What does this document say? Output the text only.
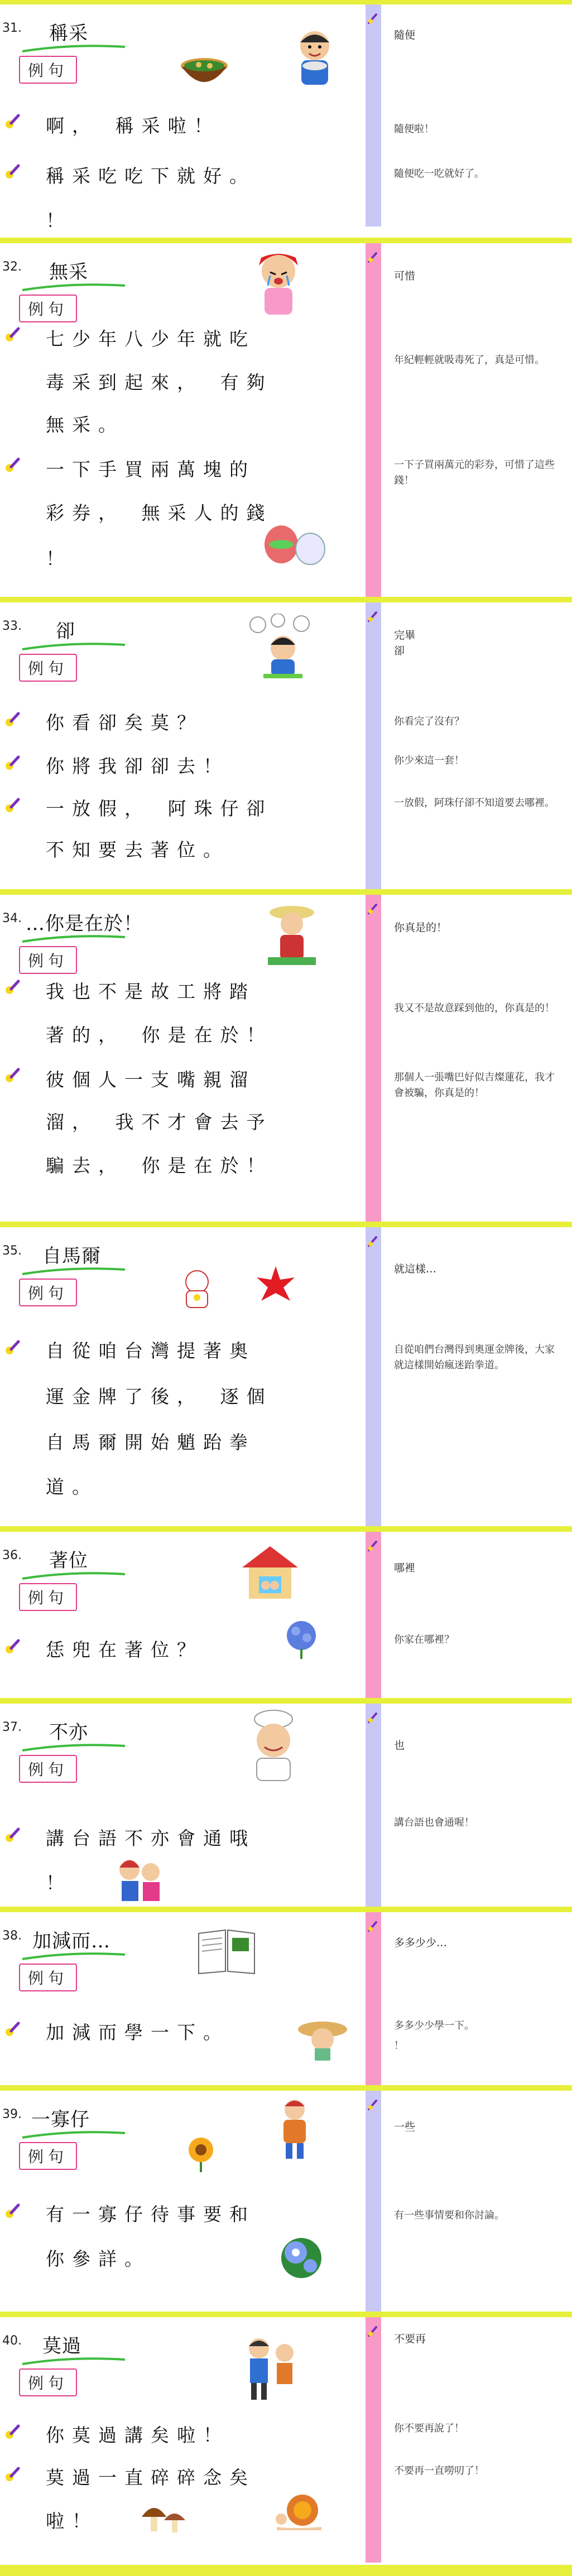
31. 稱采
例句
啊，　稱采啦！
稱采吃吃下就好。
！
隨便
隨便啦！
隨便吃一吃就好了。
32. 無采
例句
七少年八少年就吃
毒采到起來，　有夠
無采。
一下手買兩萬塊的
彩券，　無采人的錢
！
可惜
年紀輕輕就吸毒死了，真是可惜。
一下子買兩萬元的彩券，可惜了這些錢！
33. 卻
例句
你看卻矣莫？
你將我卻卻去！
一放假，　阿珠仔卻
不知要去著位。
完畢
卻
你看完了沒有？
你少來這一套！
一放假，阿珠仔卻不知道要去哪裡。
34. …你是在於！
例句
我也不是故工將踏
著的，　你是在於！
彼個人一支嘴親溜
溜，　我不才會去予
騙去，　你是在於！
你真是的！
我又不是故意踩到他的，你真是的！
那個人一張嘴巴好似吉燦蓮花，我才會被騙，你真是的！
35. 自馬爾
例句
自從咱台灣提著奧
運金牌了後，　逐個
自馬爾開始魈跆拳
道。
就這樣…
自從咱們台灣得到奧運金牌後，大家就這樣開始瘋迷跆拳道。
36. 著位
例句
恁兜在著位？
哪裡
你家在哪裡？
37. 不亦
例句
講台語不亦會通哦
！
也
講台語也會通喔！
38. 加減而…
例句
加減而學一下。
多多少少…
多多少少學一下。
！
39. 一寡仔
例句
有一寡仔待事要和
你參詳。
一些
有一些事情要和你討論。
40. 莫過
例句
你莫過講矣啦！
莫過一直碎碎念矣
啦！
不要再
你不要再說了！
不要再一直嘮叨了！
